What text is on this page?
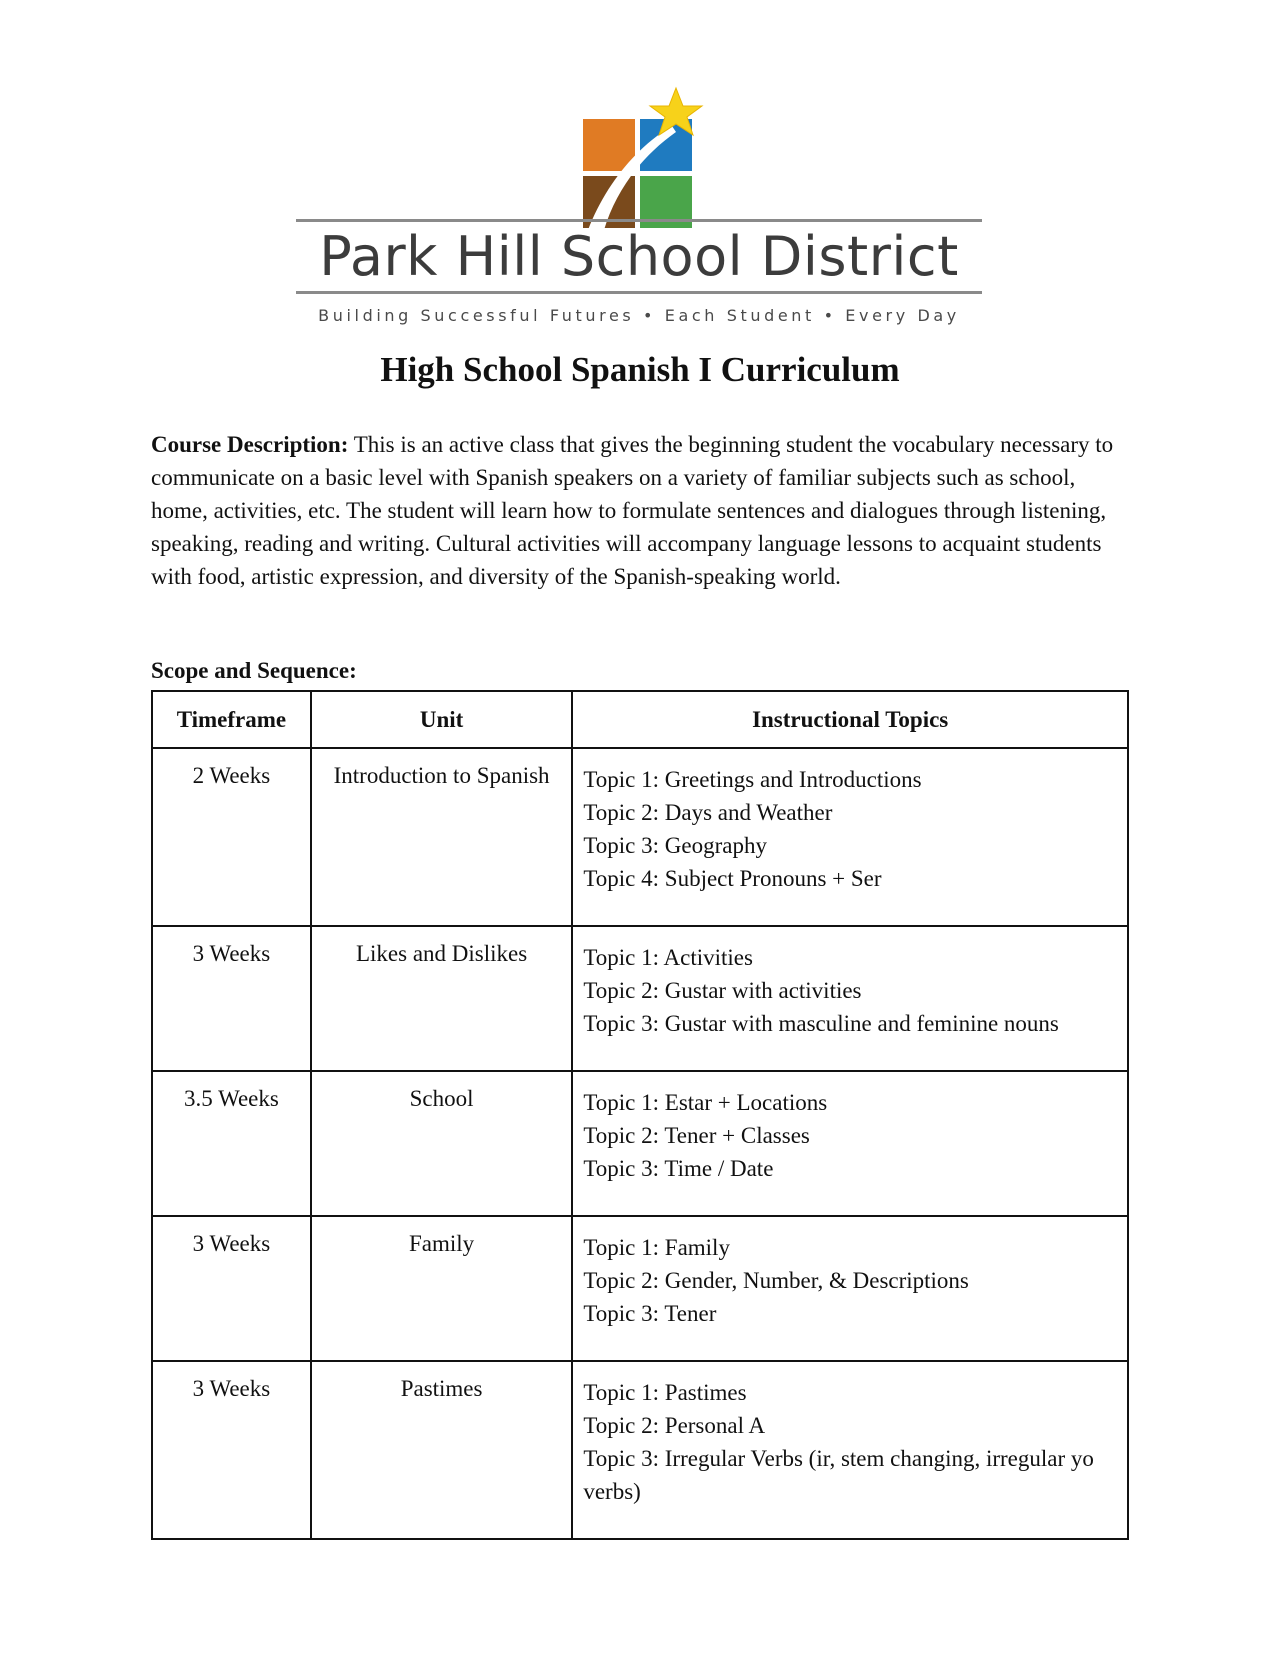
Park Hill School District
Building Successful Futures • Each Student • Every Day
High School Spanish I Curriculum
Course Description: This is an active class that gives the beginning student the vocabulary necessary to communicate on a basic level with Spanish speakers on a variety of familiar subjects such as school, home, activities, etc. The student will learn how to formulate sentences and dialogues through listening, speaking, reading and writing. Cultural activities will accompany language lessons to acquaint students with food, artistic expression, and diversity of the Spanish-speaking world.
Scope and Sequence:
Timeframe	Unit	Instructional Topics
2 Weeks	Introduction to Spanish	Topic 1: Greetings and Introductions
Topic 2: Days and Weather
Topic 3: Geography
Topic 4: Subject Pronouns + Ser

3 Weeks	Likes and Dislikes	Topic 1: Activities
Topic 2: Gustar with activities
Topic 3: Gustar with masculine and feminine nouns

3.5 Weeks	School	Topic 1: Estar + Locations
Topic 2: Tener + Classes
Topic 3: Time / Date

3 Weeks	Family	Topic 1: Family
Topic 2: Gender, Number, & Descriptions
Topic 3: Tener

3 Weeks	Pastimes	Topic 1: Pastimes
Topic 2: Personal A
Topic 3: Irregular Verbs (ir, stem changing, irregular yo verbs)
